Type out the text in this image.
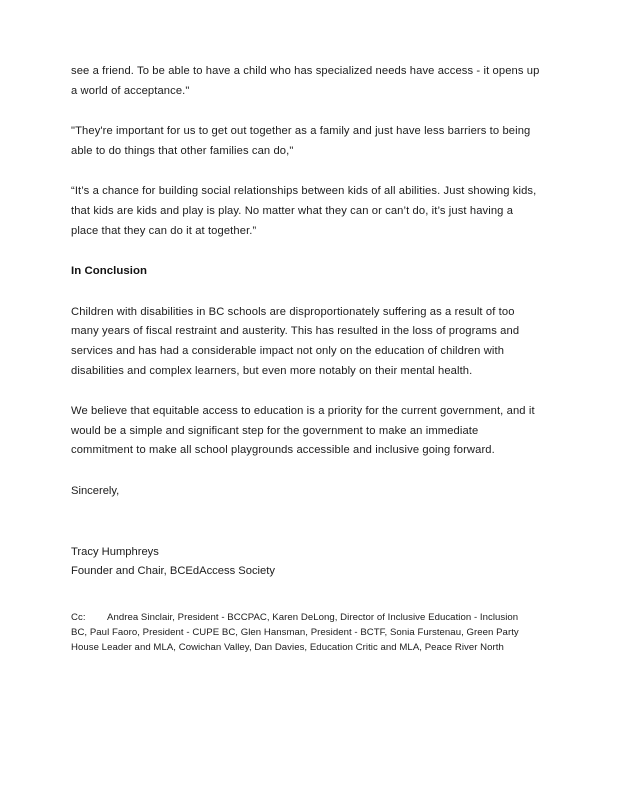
see a friend. To be able to have a child who has specialized needs have access - it opens up a world of acceptance."

"They're important for us to get out together as a family and just have less barriers to being able to do things that other families can do,"

“It’s a chance for building social relationships between kids of all abilities. Just showing kids, that kids are kids and play is play. No matter what they can or can’t do, it’s just having a place that they can do it at together.”

In Conclusion

Children with disabilities in BC schools are disproportionately suffering as a result of too many years of fiscal restraint and austerity. This has resulted in the loss of programs and services and has had a considerable impact not only on the education of children with disabilities and complex learners, but even more notably on their mental health.

We believe that equitable access to education is a priority for the current government, and it would be a simple and significant step for the government to make an immediate commitment to make all school playgrounds accessible and inclusive going forward.

Sincerely,

Tracy Humphreys
Founder and Chair, BCEdAccess Society

Cc: Andrea Sinclair, President - BCCPAC, Karen DeLong, Director of Inclusive Education - Inclusion BC, Paul Faoro, President - CUPE BC, Glen Hansman, President - BCTF, Sonia Furstenau, Green Party House Leader and MLA, Cowichan Valley, Dan Davies, Education Critic and MLA, Peace River North
